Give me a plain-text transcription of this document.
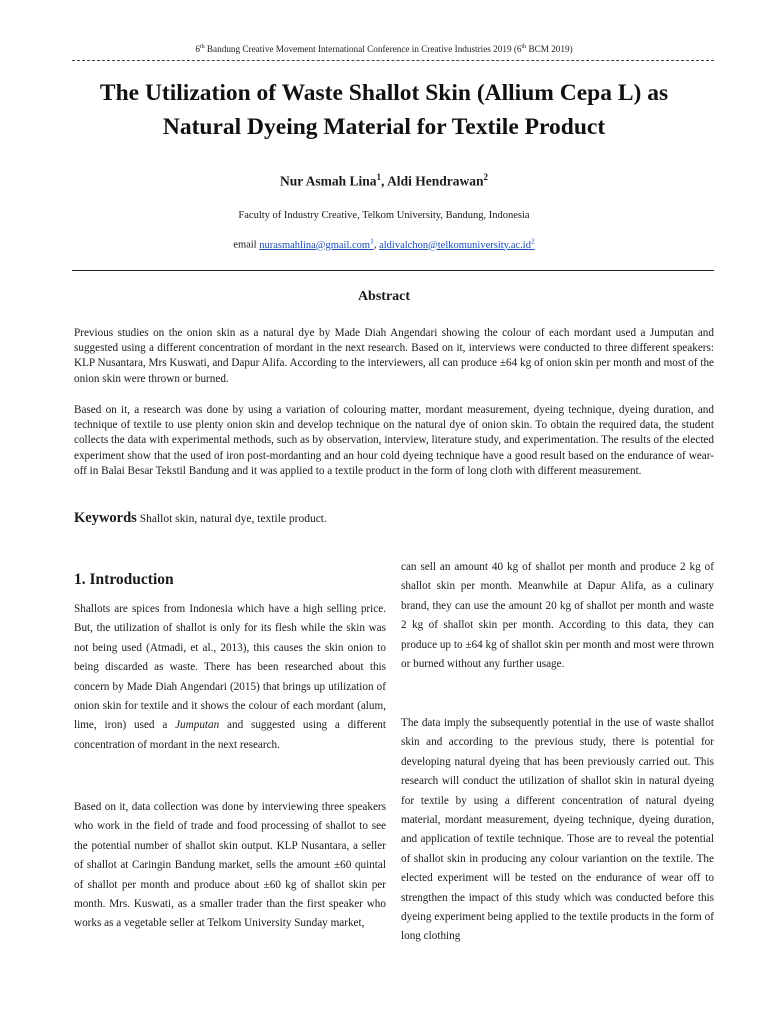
6th Bandung Creative Movement International Conference in Creative Industries 2019 (6th BCM 2019)
The Utilization of Waste Shallot Skin (Allium Cepa L) as Natural Dyeing Material for Textile Product
Nur Asmah Lina$^1$, Aldi Hendrawan$^2$
Faculty of Industry Creative, Telkom University, Bandung, Indonesia
email nurasmahlina@gmail.com$^1$, $aldivalchon@telkomuniversity.ac.id^2$
Abstract
Previous studies on the onion skin as a natural dye by Made Diah Angendari showing the colour of each mordant used a Jumputan and suggested using a different concentration of mordant in the next research. Based on it, interviews were conducted to three different speakers: KLP Nusantara, Mrs Kuswati, and Dapur Alifa. According to the interviewers, all can produce ±64 kg of onion skin per month and most of the onion skin were thrown or burned.
Based on it, a research was done by using a variation of colouring matter, mordant measurement, dyeing technique, dyeing duration, and technique of textile to use plenty onion skin and develop technique on the natural dye of onion skin. To obtain the required data, the student collects the data with experimental methods, such as by observation, interview, literature study, and experimentation. The results of the elected experiment show that the used of iron post-mordanting and an hour cold dyeing technique have a good result based on the endurance of wear-off in Balai Besar Tekstil Bandung and it was applied to a textile product in the form of long cloth with different measurement.
Keywords Shallot skin, natural dye, textile product.
1. Introduction
Shallots are spices from Indonesia which have a high selling price. But, the utilization of shallot is only for its flesh while the skin was not being used (Atmadi, et al., 2013), this causes the skin onion to being discarded as waste. There has been researched about this concern by Made Diah Angendari (2015) that brings up utilization of onion skin for textile and it shows the colour of each mordant (alum, lime, iron) used a Jumputan and suggested using a different concentration of mordant in the next research.
Based on it, data collection was done by interviewing three speakers who work in the field of trade and food processing of shallot to see the potential number of shallot skin output. KLP Nusantara, a seller of shallot at Caringin Bandung market, sells the amount ±60 quintal of shallot per month and produce about ±60 kg of shallot skin per month. Mrs. Kuswati, as a smaller trader than the first speaker who works as a vegetable seller at Telkom University Sunday market,
can sell an amount 40 kg of shallot per month and produce 2 kg of shallot skin per month. Meanwhile at Dapur Alifa, as a culinary brand, they can use the amount 20 kg of shallot per month and waste 2 kg of shallot skin per month. According to this data, they can produce up to ±64 kg of shallot skin per month and most were thrown or burned without any further usage.
The data imply the subsequently potential in the use of waste shallot skin and according to the previous study, there is potential for developing natural dyeing that has been previously carried out. This research will conduct the utilization of shallot skin in natural dyeing for textile by using a different concentration of natural dyeing material, mordant measurement, dyeing technique, dyeing duration, and application of textile technique. Those are to reveal the potential of shallot skin in producing any colour variantion on the textile. The elected experiment will be tested on the endurance of wear off to strengthen the impact of this study which was conducted before this dyeing experiment being applied to the textile products in the form of long clothing
